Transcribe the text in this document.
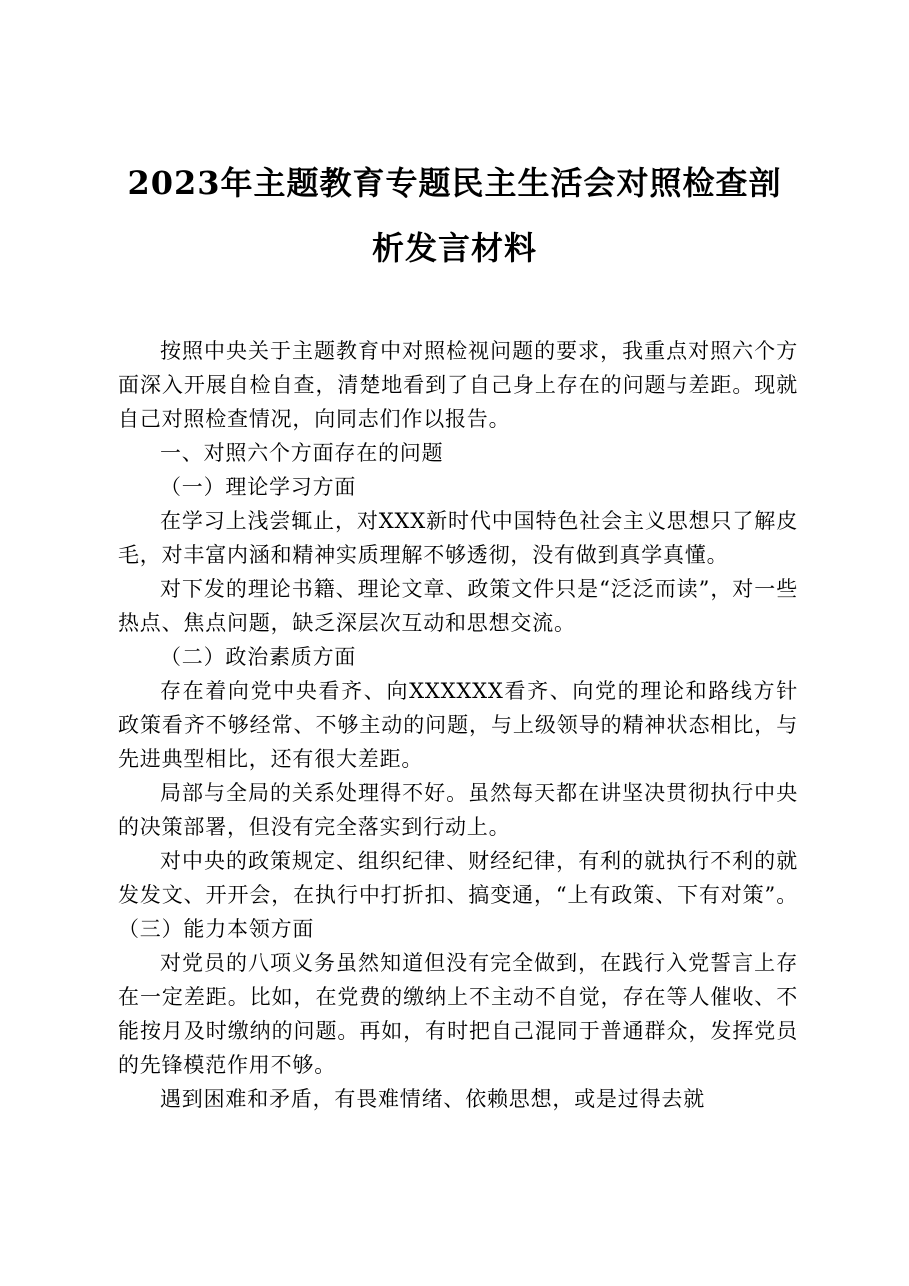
2023年主题教育专题民主生活会对照检查剖
析发言材料

按照中央关于主题教育中对照检视问题的要求，我重点对照六个方面深入开展自检自查，清楚地看到了自己身上存在的问题与差距。现就自己对照检查情况，向同志们作以报告。

一、对照六个方面存在的问题

（一）理论学习方面

在学习上浅尝辄止，对XXX新时代中国特色社会主义思想只了解皮毛，对丰富内涵和精神实质理解不够透彻，没有做到真学真懂。

对下发的理论书籍、理论文章、政策文件只是“泛泛而读”，对一些热点、焦点问题，缺乏深层次互动和思想交流。

（二）政治素质方面

存在着向党中央看齐、向XXXXXX看齐、向党的理论和路线方针政策看齐不够经常、不够主动的问题，与上级领导的精神状态相比，与先进典型相比，还有很大差距。

局部与全局的关系处理得不好。虽然每天都在讲坚决贯彻执行中央的决策部署，但没有完全落实到行动上。

对中央的政策规定、组织纪律、财经纪律，有利的就执行不利的就发发文、开开会，在执行中打折扣、搞变通，“上有政策、下有对策”。（三）能力本领方面

对党员的八项义务虽然知道但没有完全做到，在践行入党誓言上存在一定差距。比如，在党费的缴纳上不主动不自觉，存在等人催收、不能按月及时缴纳的问题。再如，有时把自己混同于普通群众，发挥党员的先锋模范作用不够。

遇到困难和矛盾，有畏难情绪、依赖思想，或是过得去就
